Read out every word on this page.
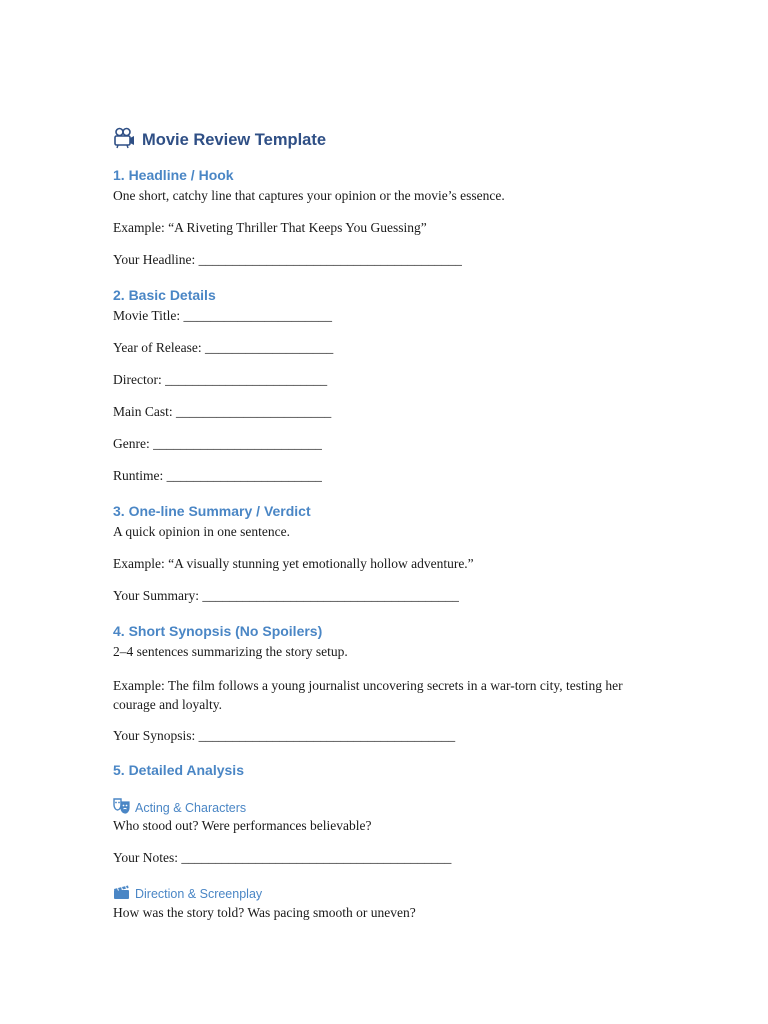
Movie Review Template
1. Headline / Hook
One short, catchy line that captures your opinion or the movie’s essence.
Example: “A Riveting Thriller That Keeps You Guessing”
Your Headline: _______________________________________
2. Basic Details
Movie Title: ______________________
Year of Release: ___________________
Director: ________________________
Main Cast: _______________________
Genre: _________________________
Runtime: _______________________
3. One-line Summary / Verdict
A quick opinion in one sentence.
Example: “A visually stunning yet emotionally hollow adventure.”
Your Summary: ______________________________________
4. Short Synopsis (No Spoilers)
2–4 sentences summarizing the story setup.
Example: The film follows a young journalist uncovering secrets in a war-torn city, testing her courage and loyalty.
Your Synopsis: ______________________________________
5. Detailed Analysis
Acting & Characters
Who stood out? Were performances believable?
Your Notes: ________________________________________
Direction & Screenplay
How was the story told? Was pacing smooth or uneven?
